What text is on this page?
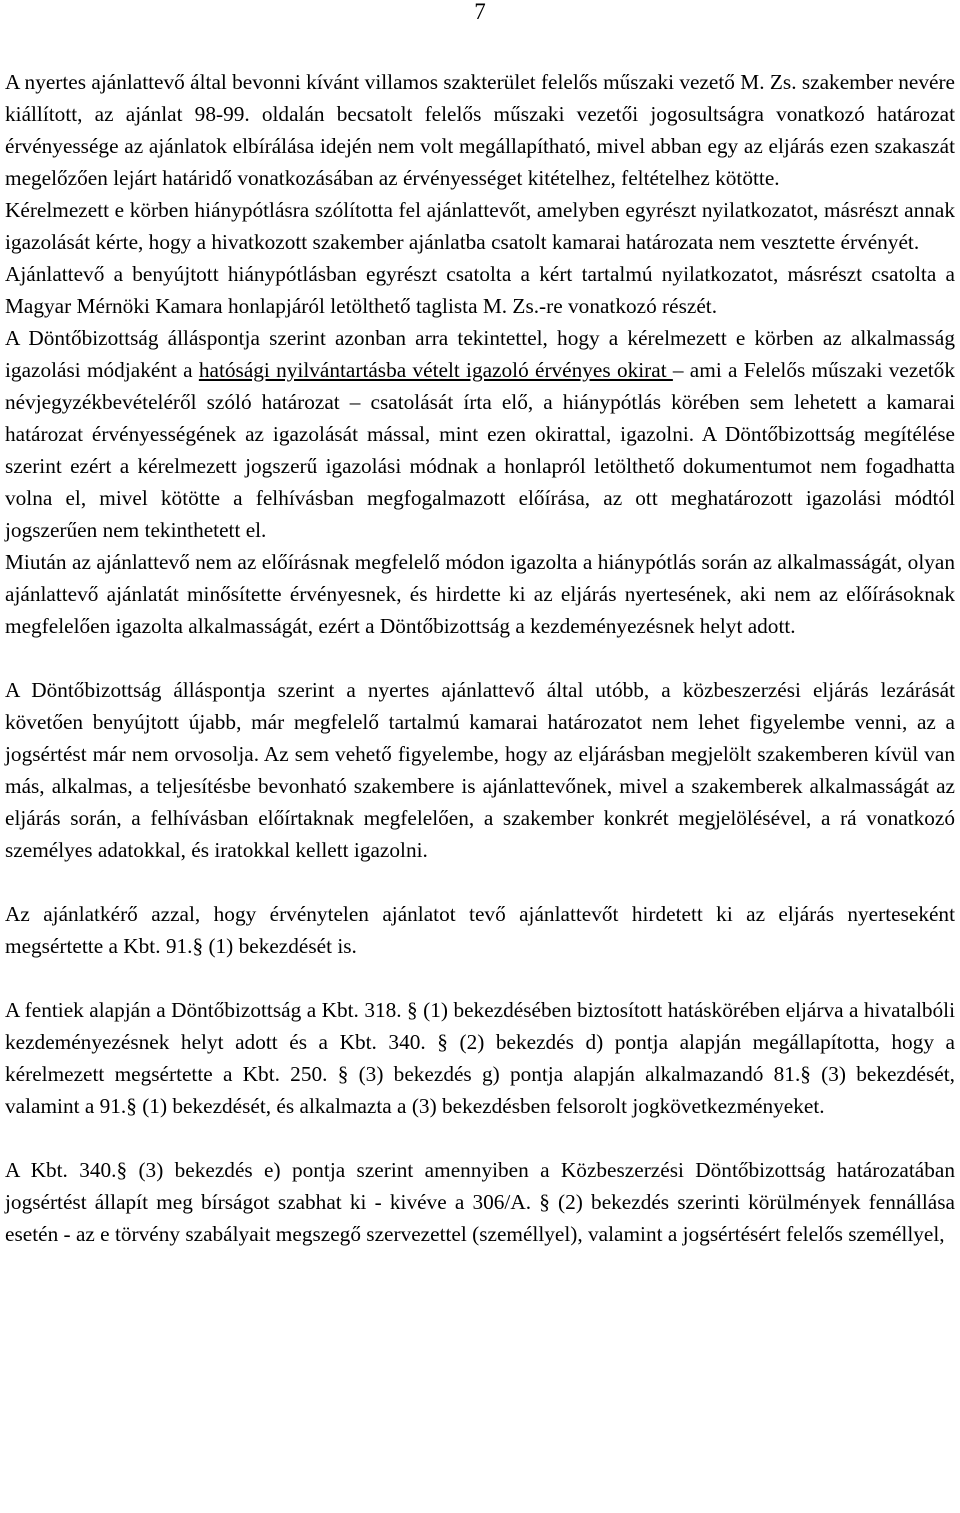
7

A nyertes ajánlattevő által bevonni kívánt villamos szakterület felelős műszaki vezető M. Zs. szakember nevére kiállított, az ajánlat 98-99. oldalán becsatolt felelős műszaki vezetői jogosultságra vonatkozó határozat érvényessége az ajánlatok elbírálása idején nem volt megállapítható, mivel abban egy az eljárás ezen szakaszát megelőzően lejárt határidő vonatkozásában az érvényességet kitételhez, feltételhez kötötte.

Kérelmezett e körben hiánypótlásra szólította fel ajánlattevőt, amelyben egyrészt nyilatkozatot, másrészt annak igazolását kérte, hogy a hivatkozott szakember ajánlatba csatolt kamarai határozata nem vesztette érvényét.

Ajánlattevő a benyújtott hiánypótlásban egyrészt csatolta a kért tartalmú nyilatkozatot, másrészt csatolta a Magyar Mérnöki Kamara honlapjáról letölthető taglista M. Zs.-re vonatkozó részét.

A Döntőbizottság álláspontja szerint azonban arra tekintettel, hogy a kérelmezett e körben az alkalmasság igazolási módjaként a hatósági nyilvántartásba vételt igazoló érvényes okirat – ami a Felelős műszaki vezetők névjegyzékbevételéről szóló határozat – csatolását írta elő, a hiánypótlás körében sem lehetett a kamarai határozat érvényességének az igazolását mással, mint ezen okirattal, igazolni. A Döntőbizottság megítélése szerint ezért a kérelmezett jogszerű igazolási módnak a honlapról letölthető dokumentumot nem fogadhatta volna el, mivel kötötte a felhívásban megfogalmazott előírása, az ott meghatározott igazolási módtól jogszerűen nem tekinthetett el.

Miután az ajánlattevő nem az előírásnak megfelelő módon igazolta a hiánypótlás során az alkalmasságát, olyan ajánlattevő ajánlatát minősítette érvényesnek, és hirdette ki az eljárás nyertesének, aki nem az előírásoknak megfelelően igazolta alkalmasságát, ezért a Döntőbizottság a kezdeményezésnek helyt adott.

A Döntőbizottság álláspontja szerint a nyertes ajánlattevő által utóbb, a közbeszerzési eljárás lezárását követően benyújtott újabb, már megfelelő tartalmú kamarai határozatot nem lehet figyelembe venni, az a jogsértést már nem orvosolja. Az sem vehető figyelembe, hogy az eljárásban megjelölt szakemberen kívül van más, alkalmas, a teljesítésbe bevonható szakembere is ajánlattevőnek, mivel a szakemberek alkalmasságát az eljárás során, a felhívásban előírtaknak megfelelően, a szakember konkrét megjelölésével, a rá vonatkozó személyes adatokkal, és iratokkal kellett igazolni.

Az ajánlatkérő azzal, hogy érvénytelen ajánlatot tevő ajánlattevőt hirdetett ki az eljárás nyerteseként megsértette a Kbt. 91.§ (1) bekezdését is.

A fentiek alapján a Döntőbizottság a Kbt. 318. § (1) bekezdésében biztosított hatáskörében eljárva a hivatalbóli kezdeményezésnek helyt adott és a Kbt. 340. § (2) bekezdés d) pontja alapján megállapította, hogy a kérelmezett megsértette a Kbt. 250. § (3) bekezdés g) pontja alapján alkalmazandó 81.§ (3) bekezdését, valamint a 91.§ (1) bekezdését, és alkalmazta a (3) bekezdésben felsorolt jogkövetkezményeket.

A Kbt. 340.§ (3) bekezdés e) pontja szerint amennyiben a Közbeszerzési Döntőbizottság határozatában jogsértést állapít meg bírságot szabhat ki - kivéve a 306/A. § (2) bekezdés szerinti körülmények fennállása esetén - az e törvény szabályait megszegő szervezettel (személlyel), valamint a jogsértésért felelős személlyel,
